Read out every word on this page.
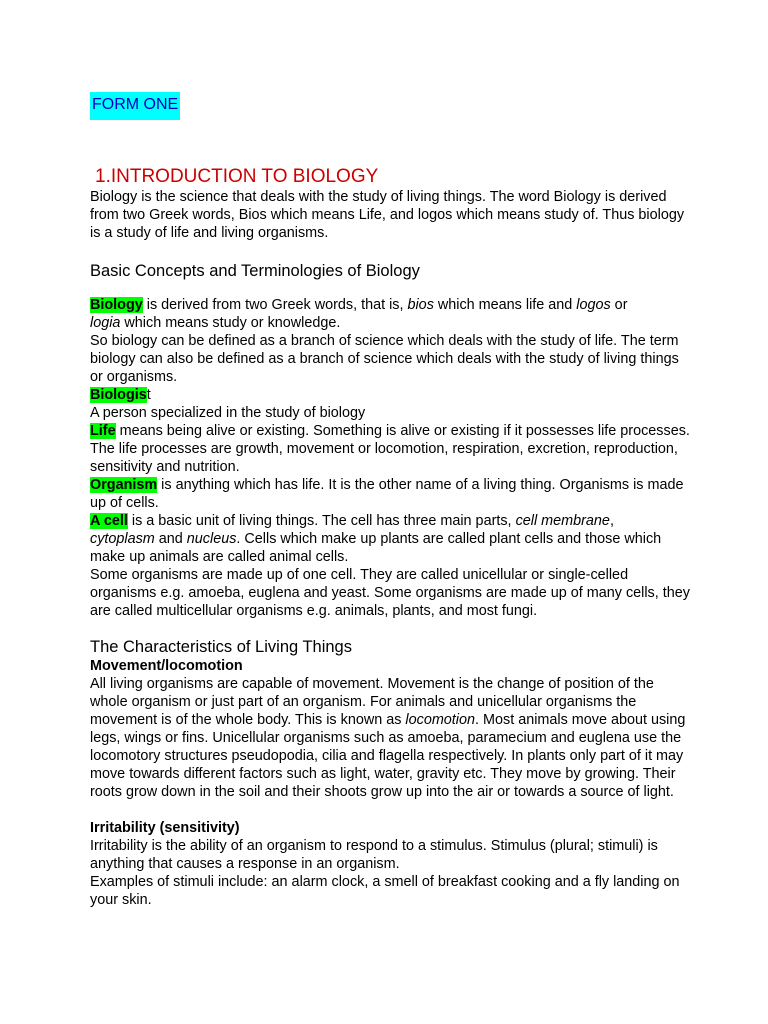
FORM ONE
1.INTRODUCTION TO BIOLOGY

Biology is the science that deals with the study of living things. The word Biology is derived from two Greek words, Bios which means Life, and logos which means study of. Thus biology is a study of life and living organisms.

Basic Concepts and Terminologies of Biology

Biology is derived from two Greek words, that is, bios which means life and logos or
logia which means study or knowledge.

So biology can be defined as a branch of science which deals with the study of life. The term biology can also be defined as a branch of science which deals with the study of living things or organisms.

Biologist

A person specialized in the study of biology

Life means being alive or existing. Something is alive or existing if it possesses life processes. The life processes are growth, movement or locomotion, respiration, excretion, reproduction, sensitivity and nutrition.

Organism is anything which has life. It is the other name of a living thing. Organisms is made up of cells.

A cell is a basic unit of living things. The cell has three main parts, cell membrane,
cytoplasm and nucleus. Cells which make up plants are called plant cells and those which make up animals are called animal cells.

Some organisms are made up of one cell. They are called unicellular or single-celled organisms e.g. amoeba, euglena and yeast. Some organisms are made up of many cells, they are called multicellular organisms e.g. animals, plants, and most fungi.

The Characteristics of Living Things

Movement/locomotion

All living organisms are capable of movement. Movement is the change of position of the whole organism or just part of an organism. For animals and unicellular organisms the movement is of the whole body. This is known as locomotion. Most animals move about using legs, wings or fins. Unicellular organisms such as amoeba, paramecium and euglena use the locomotory structures pseudopodia, cilia and flagella respectively. In plants only part of it may move towards different factors such as light, water, gravity etc. They move by growing. Their roots grow down in the soil and their shoots grow up into the air or towards a source of light.

Irritability (sensitivity)

Irritability is the ability of an organism to respond to a stimulus. Stimulus (plural; stimuli) is anything that causes a response in an organism.

Examples of stimuli include: an alarm clock, a smell of breakfast cooking and a fly landing on your skin.
